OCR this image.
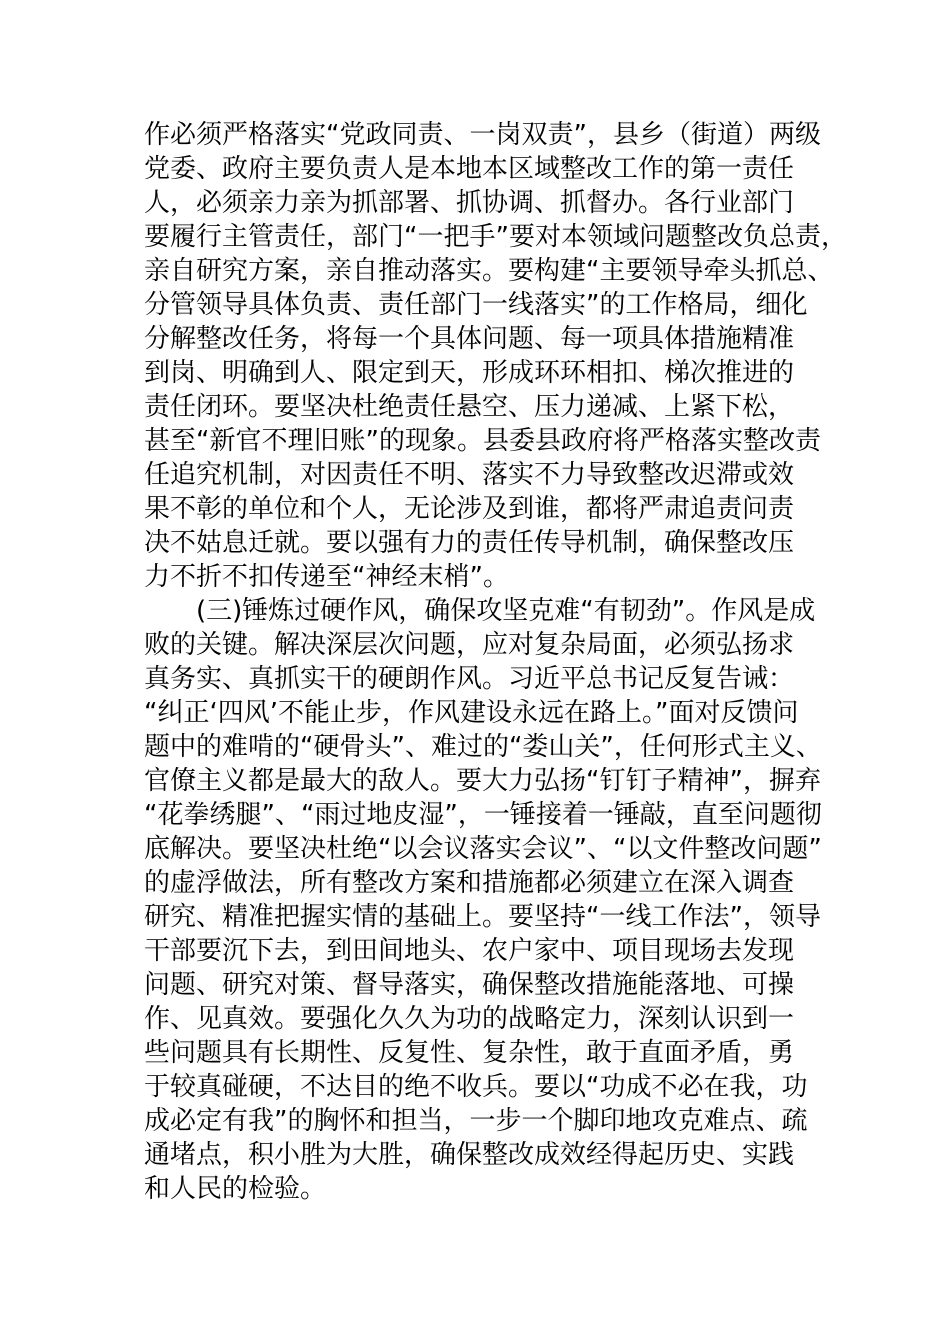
作必须严格落实“党政同责、一岗双责”，县乡（街道）两级
党委、政府主要负责人是本地本区域整改工作的第一责任
人，必须亲力亲为抓部署、抓协调、抓督办。各行业部门
要履行主管责任，部门“一把手”要对本领域问题整改负总责，
亲自研究方案，亲自推动落实。要构建“主要领导牵头抓总、
分管领导具体负责、责任部门一线落实”的工作格局，细化
分解整改任务，将每一个具体问题、每一项具体措施精准
到岗、明确到人、限定到天，形成环环相扣、梯次推进的
责任闭环。要坚决杜绝责任悬空、压力递减、上紧下松，
甚至“新官不理旧账”的现象。县委县政府将严格落实整改责
任追究机制，对因责任不明、落实不力导致整改迟滞或效
果不彰的单位和个人，无论涉及到谁，都将严肃追责问责
决不姑息迁就。要以强有力的责任传导机制，确保整改压
力不折不扣传递至“神经末梢”。
(三)锤炼过硬作风，确保攻坚克难“有韧劲”。作风是成
败的关键。解决深层次问题，应对复杂局面，必须弘扬求
真务实、真抓实干的硬朗作风。习近平总书记反复告诫：
“纠正‘四风’不能止步，作风建设永远在路上。”面对反馈问
题中的难啃的“硬骨头”、难过的“娄山关”，任何形式主义、
官僚主义都是最大的敌人。要大力弘扬“钉钉子精神”，摒弃
“花拳绣腿”、“雨过地皮湿”，一锤接着一锤敲，直至问题彻
底解决。要坚决杜绝“以会议落实会议”、“以文件整改问题”
的虚浮做法，所有整改方案和措施都必须建立在深入调查
研究、精准把握实情的基础上。要坚持“一线工作法”，领导
干部要沉下去，到田间地头、农户家中、项目现场去发现
问题、研究对策、督导落实，确保整改措施能落地、可操
作、见真效。要强化久久为功的战略定力，深刻认识到一
些问题具有长期性、反复性、复杂性，敢于直面矛盾，勇
于较真碰硬，不达目的绝不收兵。要以“功成不必在我，功
成必定有我”的胸怀和担当，一步一个脚印地攻克难点、疏
通堵点，积小胜为大胜，确保整改成效经得起历史、实践
和人民的检验。
